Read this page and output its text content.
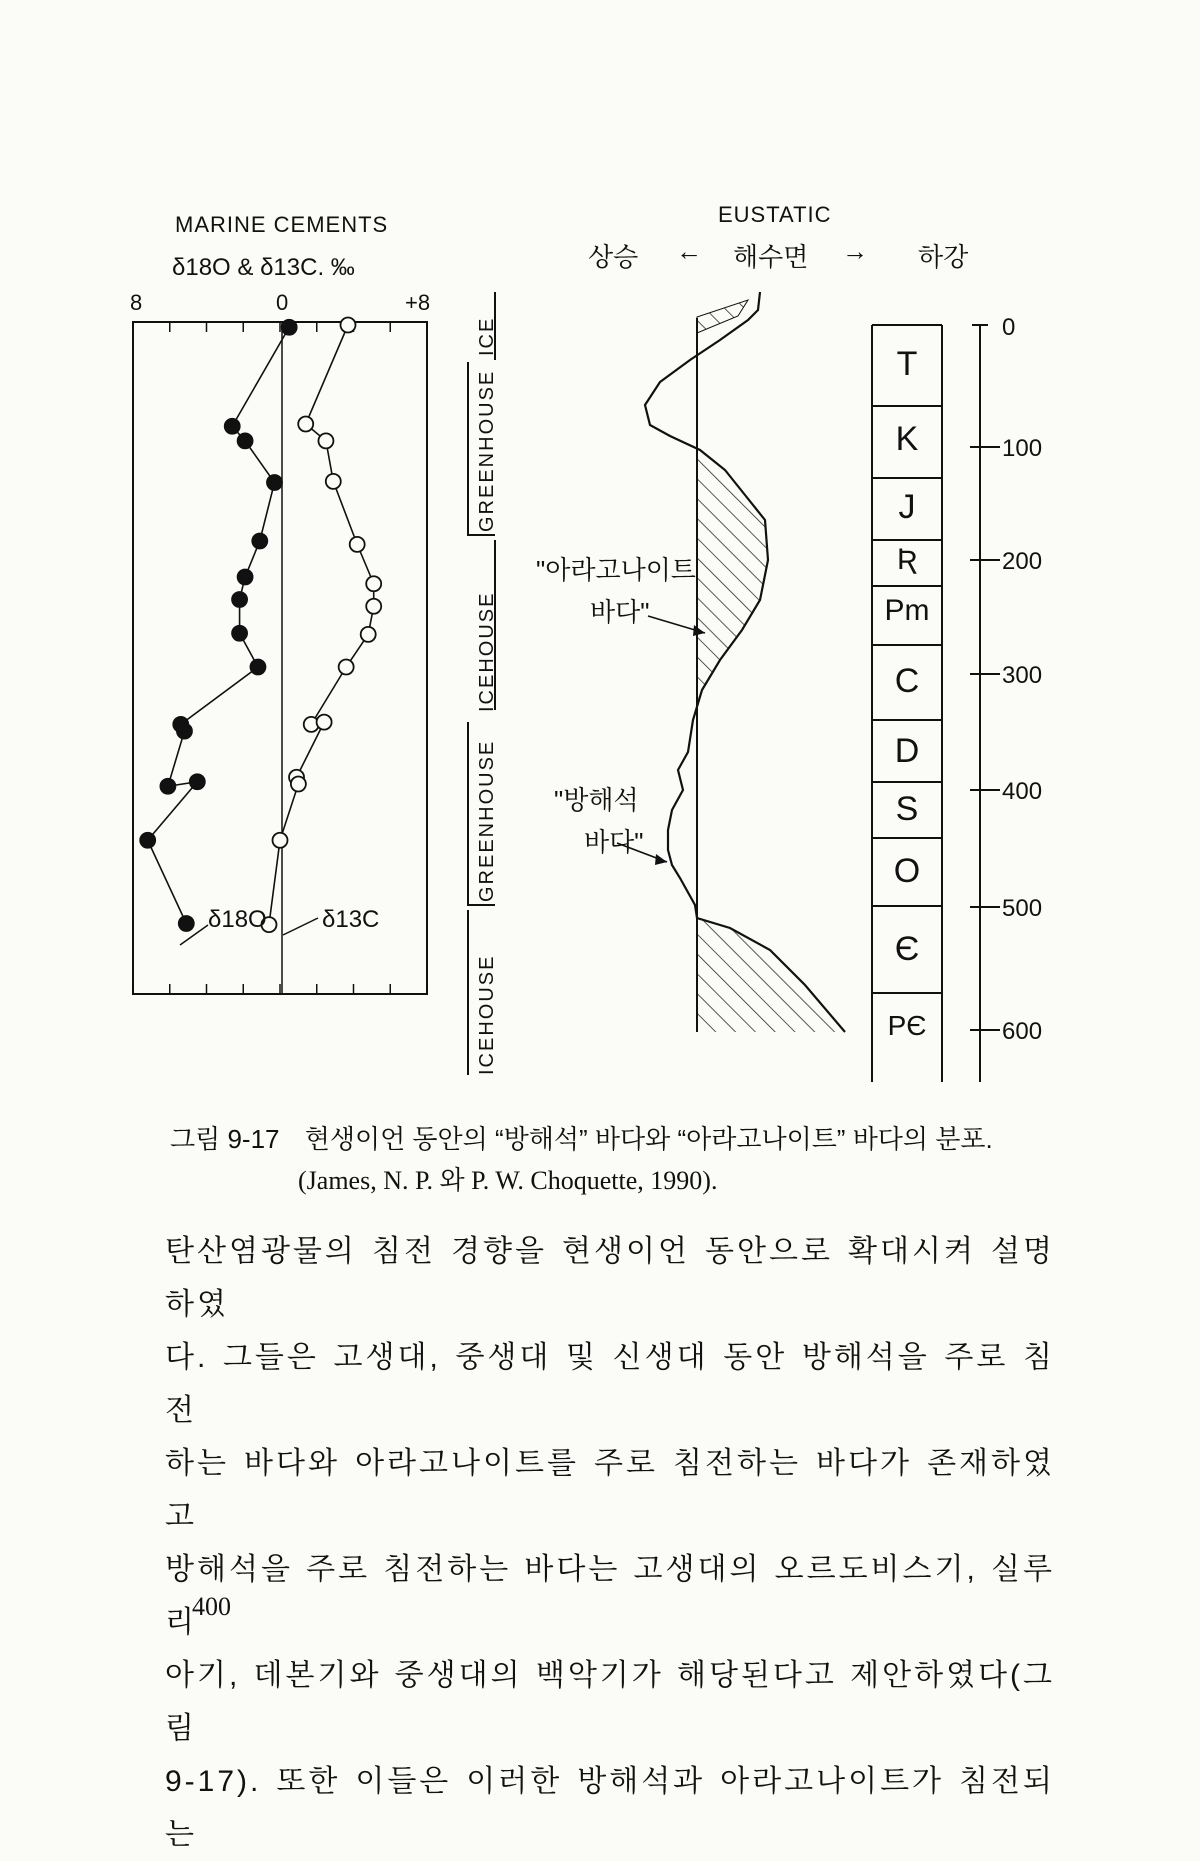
MARINE CEMENTS
δ18O & δ13C. ‰
8	0	+8
δ18O δ13C
ICE
GREENHOUSE
ICEHOUSE
GREENHOUSE
ICEHOUSE
EUSTATIC
상승 ← 해수면 → 하강
"아라고나이트
바다"
"방해석
바다"
T
K
J
Ʀ
Pm
C
D
S
O
Є
PЄ
0
100
200
300
400
500
600
그림 9-17 현생이언 동안의 “방해석” 바다와 “아라고나이트” 바다의 분포.
(James, N. P. 와 P. W. Choquette, 1990).
탄산염광물의 침전 경향을 현생이언 동안으로 확대시켜 설명하였
다. 그들은 고생대, 중생대 및 신생대 동안 방해석을 주로 침전
하는 바다와 아라고나이트를 주로 침전하는 바다가 존재하였고
방해석을 주로 침전하는 바다는 고생대의 오르도비스기, 실루리
아기, 데본기와 중생대의 백악기가 해당된다고 제안하였다(그림
9-17). 또한 이들은 이러한 방해석과 아라고나이트가 침전되는
400
